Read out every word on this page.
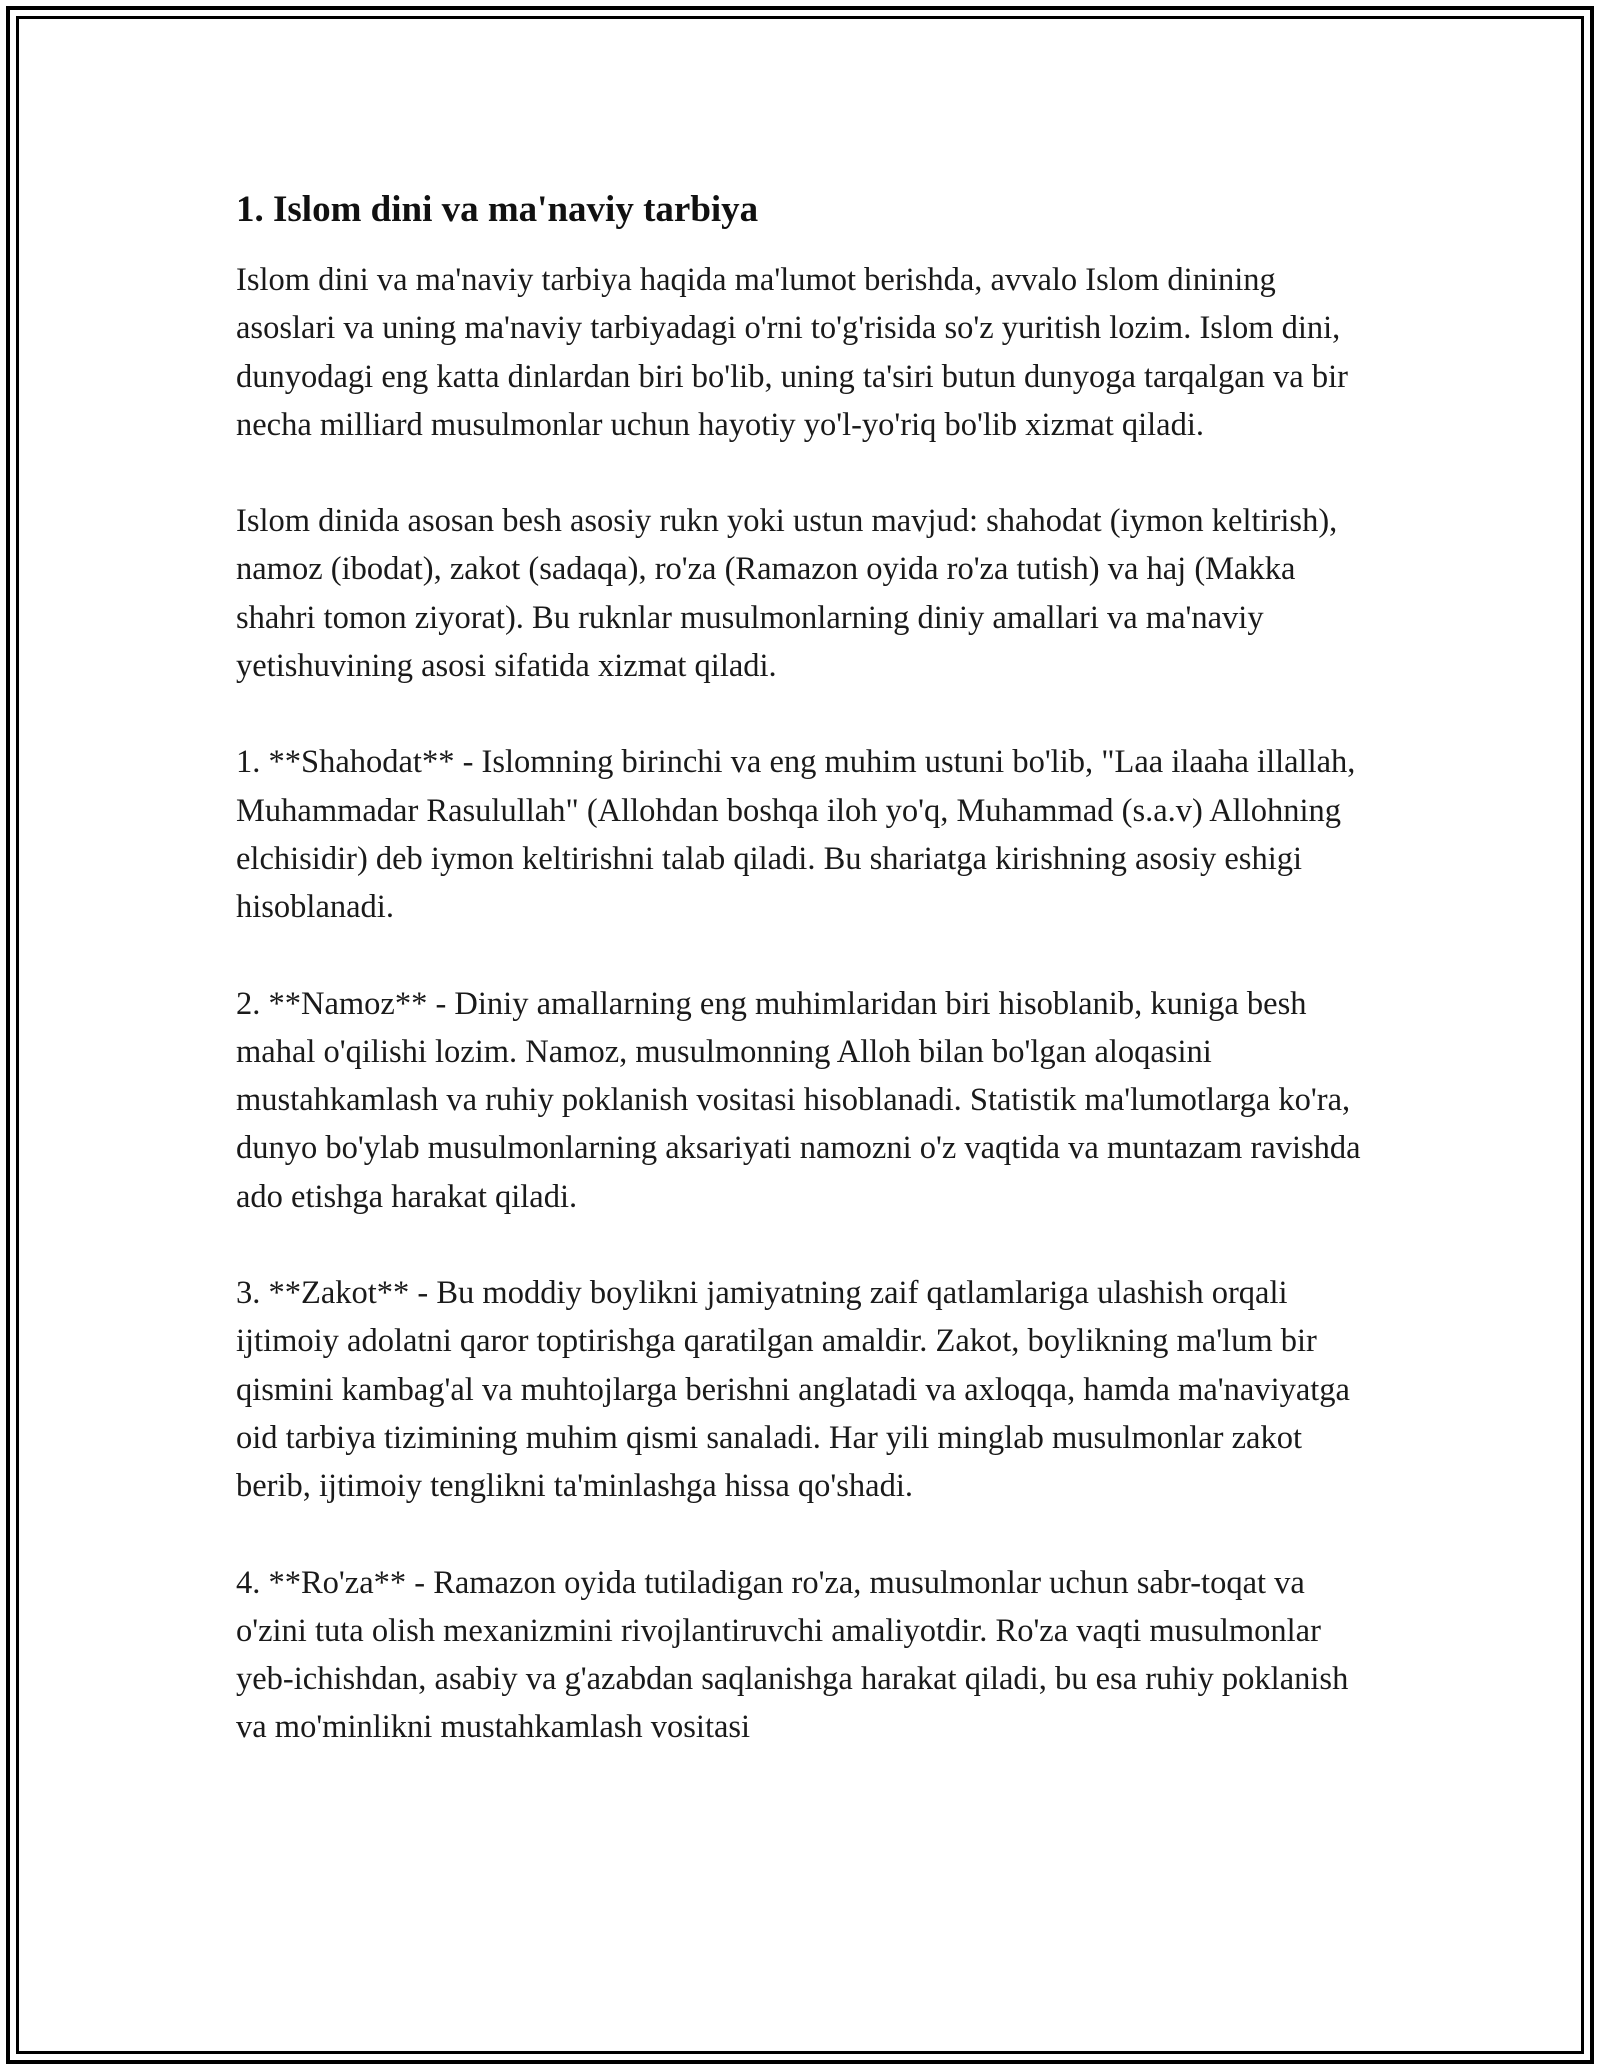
1. Islom dini va ma'naviy tarbiya

Islom dini va ma'naviy tarbiya haqida ma'lumot berishda, avvalo Islom dinining asoslari va uning ma'naviy tarbiyadagi o'rni to'g'risida so'z yuritish lozim. Islom dini, dunyodagi eng katta dinlardan biri bo'lib, uning ta'siri butun dunyoga tarqalgan va bir necha milliard musulmonlar uchun hayotiy yo'l-yo'riq bo'lib xizmat qiladi.

Islom dinida asosan besh asosiy rukn yoki ustun mavjud: shahodat (iymon keltirish), namoz (ibodat), zakot (sadaqa), ro'za (Ramazon oyida ro'za tutish) va haj (Makka shahri tomon ziyorat). Bu ruknlar musulmonlarning diniy amallari va ma'naviy yetishuvining asosi sifatida xizmat qiladi.

1. **Shahodat** - Islomning birinchi va eng muhim ustuni bo'lib, "Laa ilaaha illallah, Muhammadar Rasulullah" (Allohdan boshqa iloh yo'q, Muhammad (s.a.v) Allohning elchisidir) deb iymon keltirishni talab qiladi. Bu shariatga kirishning asosiy eshigi hisoblanadi.

2. **Namoz** - Diniy amallarning eng muhimlaridan biri hisoblanib, kuniga besh mahal o'qilishi lozim. Namoz, musulmonning Alloh bilan bo'lgan aloqasini mustahkamlash va ruhiy poklanish vositasi hisoblanadi. Statistik ma'lumotlarga ko'ra, dunyo bo'ylab musulmonlarning aksariyati namozni o'z vaqtida va muntazam ravishda ado etishga harakat qiladi.

3. **Zakot** - Bu moddiy boylikni jamiyatning zaif qatlamlariga ulashish orqali ijtimoiy adolatni qaror toptirishga qaratilgan amaldir. Zakot, boylikning ma'lum bir qismini kambag'al va muhtojlarga berishni anglatadi va axloqqa, hamda ma'naviyatga oid tarbiya tizimining muhim qismi sanaladi. Har yili minglab musulmonlar zakot berib, ijtimoiy tenglikni ta'minlashga hissa qo'shadi.

4. **Ro'za** - Ramazon oyida tutiladigan ro'za, musulmonlar uchun sabr-toqat va o'zini tuta olish mexanizmini rivojlantiruvchi amaliyotdir. Ro'za vaqti musulmonlar yeb-ichishdan, asabiy va g'azabdan saqlanishga harakat qiladi, bu esa ruhiy poklanish va mo'minlikni mustahkamlash vositasi
